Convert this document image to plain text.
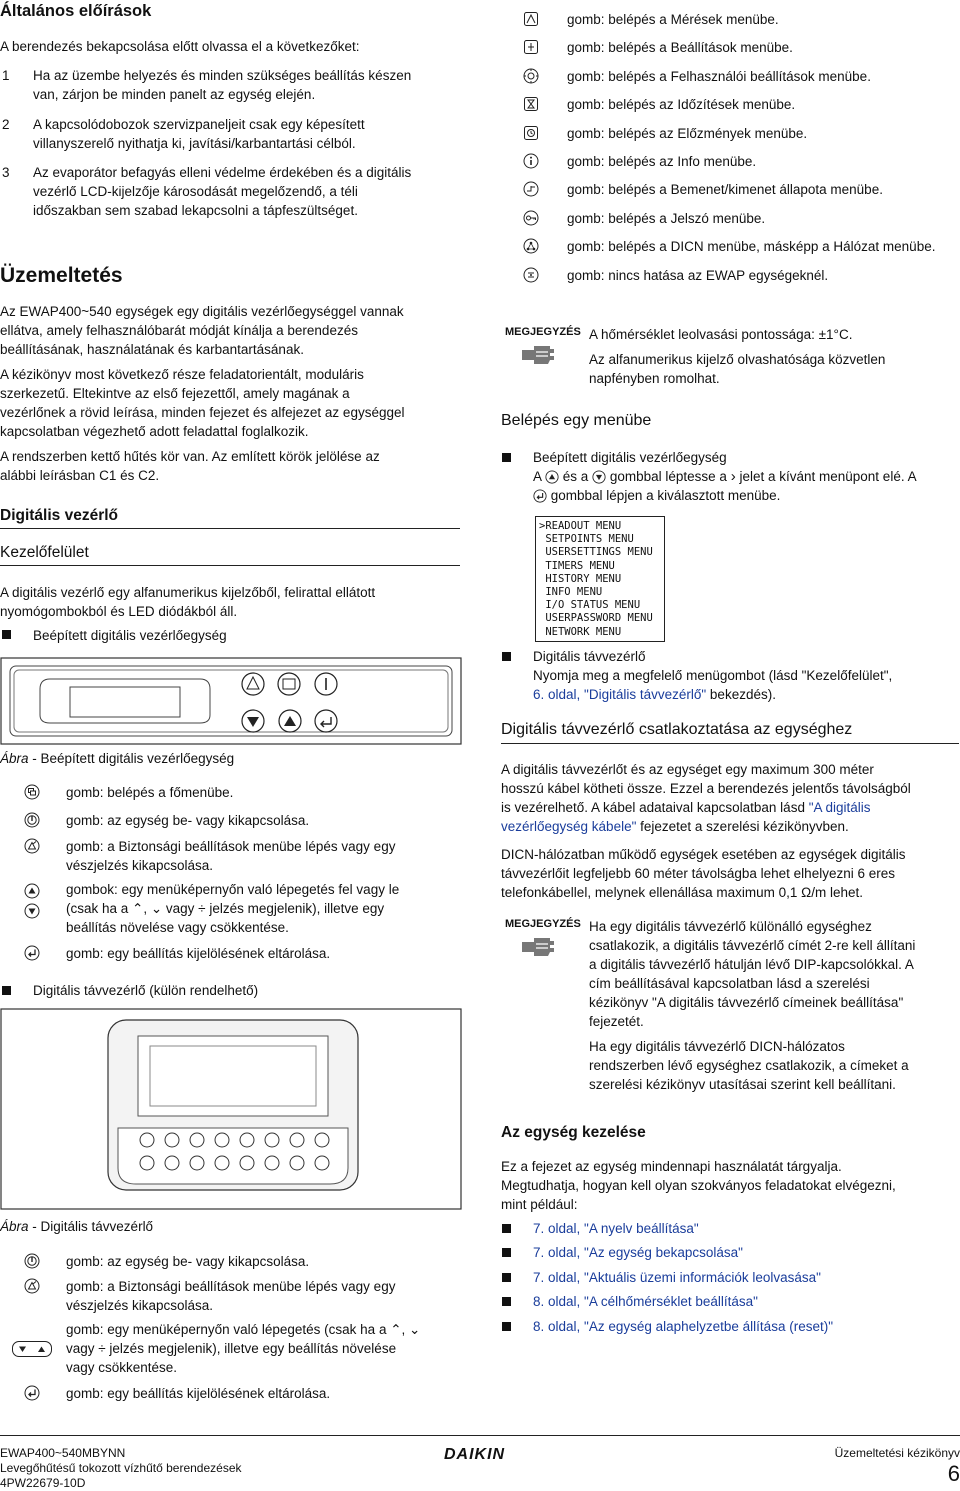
Általános előírások
A berendezés bekapcsolása előtt olvassa el a következőket:
1 Ha az üzembe helyezés és minden szükséges beállítás készen
van, zárjon be minden panelt az egység elején.
2 A kapcsolódobozok szervizpaneljeit csak egy képesített
villanyszerelő nyithatja ki, javítási/karbantartási célból.
3 Az evaporátor befagyás elleni védelme érdekében és a digitális
vezérlő LCD-kijelzője károsodását megelőzendő, a téli
időszakban sem szabad lekapcsolni a tápfeszültséget.
Üzemeltetés
Az EWAP400~540 egységek egy digitális vezérlőegységgel vannak
ellátva, amely felhasználóbarát módját kínálja a berendezés
beállításának, használatának és karbantartásának.
A kézikönyv most következő része feladatorientált, moduláris
szerkezetű. Eltekintve az első fejezettől, amely magának a
vezérlőnek a rövid leírása, minden fejezet és alfejezet az egységgel
kapcsolatban végezhető adott feladattal foglalkozik.
A rendszerben kettő hűtés kör van. Az említett körök jelölése az
alábbi leírásban C1 és C2.
Digitális vezérlő
Kezelőfelület
A digitális vezérlő egy alfanumerikus kijelzőből, felirattal ellátott
nyomógombokból és LED diódákból áll.
Beépített digitális vezérlőegység
Ábra - Beépített digitális vezérlőegység
gomb: belépés a főmenübe.
gomb: az egység be- vagy kikapcsolása.
gomb: a Biztonsági beállítások menübe lépés vagy egy
vészjelzés kikapcsolása.
gombok: egy menüképernyőn való lépegetés fel vagy le
(csak ha a ⌃, ⌄ vagy ÷ jelzés megjelenik), illetve egy
beállítás növelése vagy csökkentése.
gomb: egy beállítás kijelölésének eltárolása.
Digitális távvezérlő (külön rendelhető)
Ábra - Digitális távvezérlő
gomb: az egység be- vagy kikapcsolása.
gomb: a Biztonsági beállítások menübe lépés vagy egy
vészjelzés kikapcsolása.
gomb: egy menüképernyőn való lépegetés (csak ha a ⌃, ⌄
vagy ÷ jelzés megjelenik), illetve egy beállítás növelése
vagy csökkentése.
gomb: egy beállítás kijelölésének eltárolása.
gomb: belépés a Mérések menübe.
gomb: belépés a Beállítások menübe.
gomb: belépés a Felhasználói beállítások menübe.
gomb: belépés az Időzítések menübe.
gomb: belépés az Előzmények menübe.
gomb: belépés az Info menübe.
gomb: belépés a Bemenet/kimenet állapota menübe.
gomb: belépés a Jelszó menübe.
gomb: belépés a DICN menübe, másképp a Hálózat menübe.
gomb: nincs hatása az EWAP egységeknél.
MEGJEGYZÉS A hőmérséklet leolvasási pontossága: ±1°C.
Az alfanumerikus kijelző olvashatósága közvetlen
napfényben romolhat.
Belépés egy menübe
Beépített digitális vezérlőegység
A és a gombbal léptesse a › jelet a kívánt menüpont elé. A
gombbal lépjen a kiválasztott menübe.
>READOUT MENU
SETPOINTS MENU
USERSETTINGS MENU
TIMERS MENU
HISTORY MENU
INFO MENU
I/O STATUS MENU
USERPASSWORD MENU
NETWORK MENU
Digitális távvezérlő
Nyomja meg a megfelelő menügombot (lásd "Kezelőfelület",
6. oldal, "Digitális távvezérlő" bekezdés).
Digitális távvezérlő csatlakoztatása az egységhez
A digitális távvezérlőt és az egységet egy maximum 300 méter
hosszú kábel kötheti össze. Ezzel a berendezés jelentős távolságból
is vezérelhető. A kábel adataival kapcsolatban lásd "A digitális
vezérlőegység kábele" fejezetet a szerelési kézikönyvben.
DICN-hálózatban működő egységek esetében az egységek digitális
távvezérlőit legfeljebb 60 méter távolságba lehet elhelyezni 6 eres
telefonkábellel, melynek ellenállása maximum 0,1 Ω/m lehet.
MEGJEGYZÉS Ha egy digitális távvezérlő különálló egységhez
csatlakozik, a digitális távvezérlő címét 2-re kell állítani
a digitális távvezérlő hátulján lévő DIP-kapcsolókkal. A
cím beállításával kapcsolatban lásd a szerelési
kézikönyv "A digitális távvezérlő címeinek beállítása"
fejezetét.
Ha egy digitális távvezérlő DICN-hálózatos
rendszerben lévő egységhez csatlakozik, a címeket a
szerelési kézikönyv utasításai szerint kell beállítani.
Az egység kezelése
Ez a fejezet az egység mindennapi használatát tárgyalja.
Megtudhatja, hogyan kell olyan szokványos feladatokat elvégezni,
mint például:
7. oldal, "A nyelv beállítása"
7. oldal, "Az egység bekapcsolása"
7. oldal, "Aktuális üzemi információk leolvasása"
8. oldal, "A célhőmérséklet beállítása"
8. oldal, "Az egység alaphelyzetbe állítása (reset)"
EWAP400~540MBYNN
Levegőhűtésű tokozott vízhűtő berendezések
4PW22679-10D
DAIKIN	Üzemeltetési kézikönyv
6
